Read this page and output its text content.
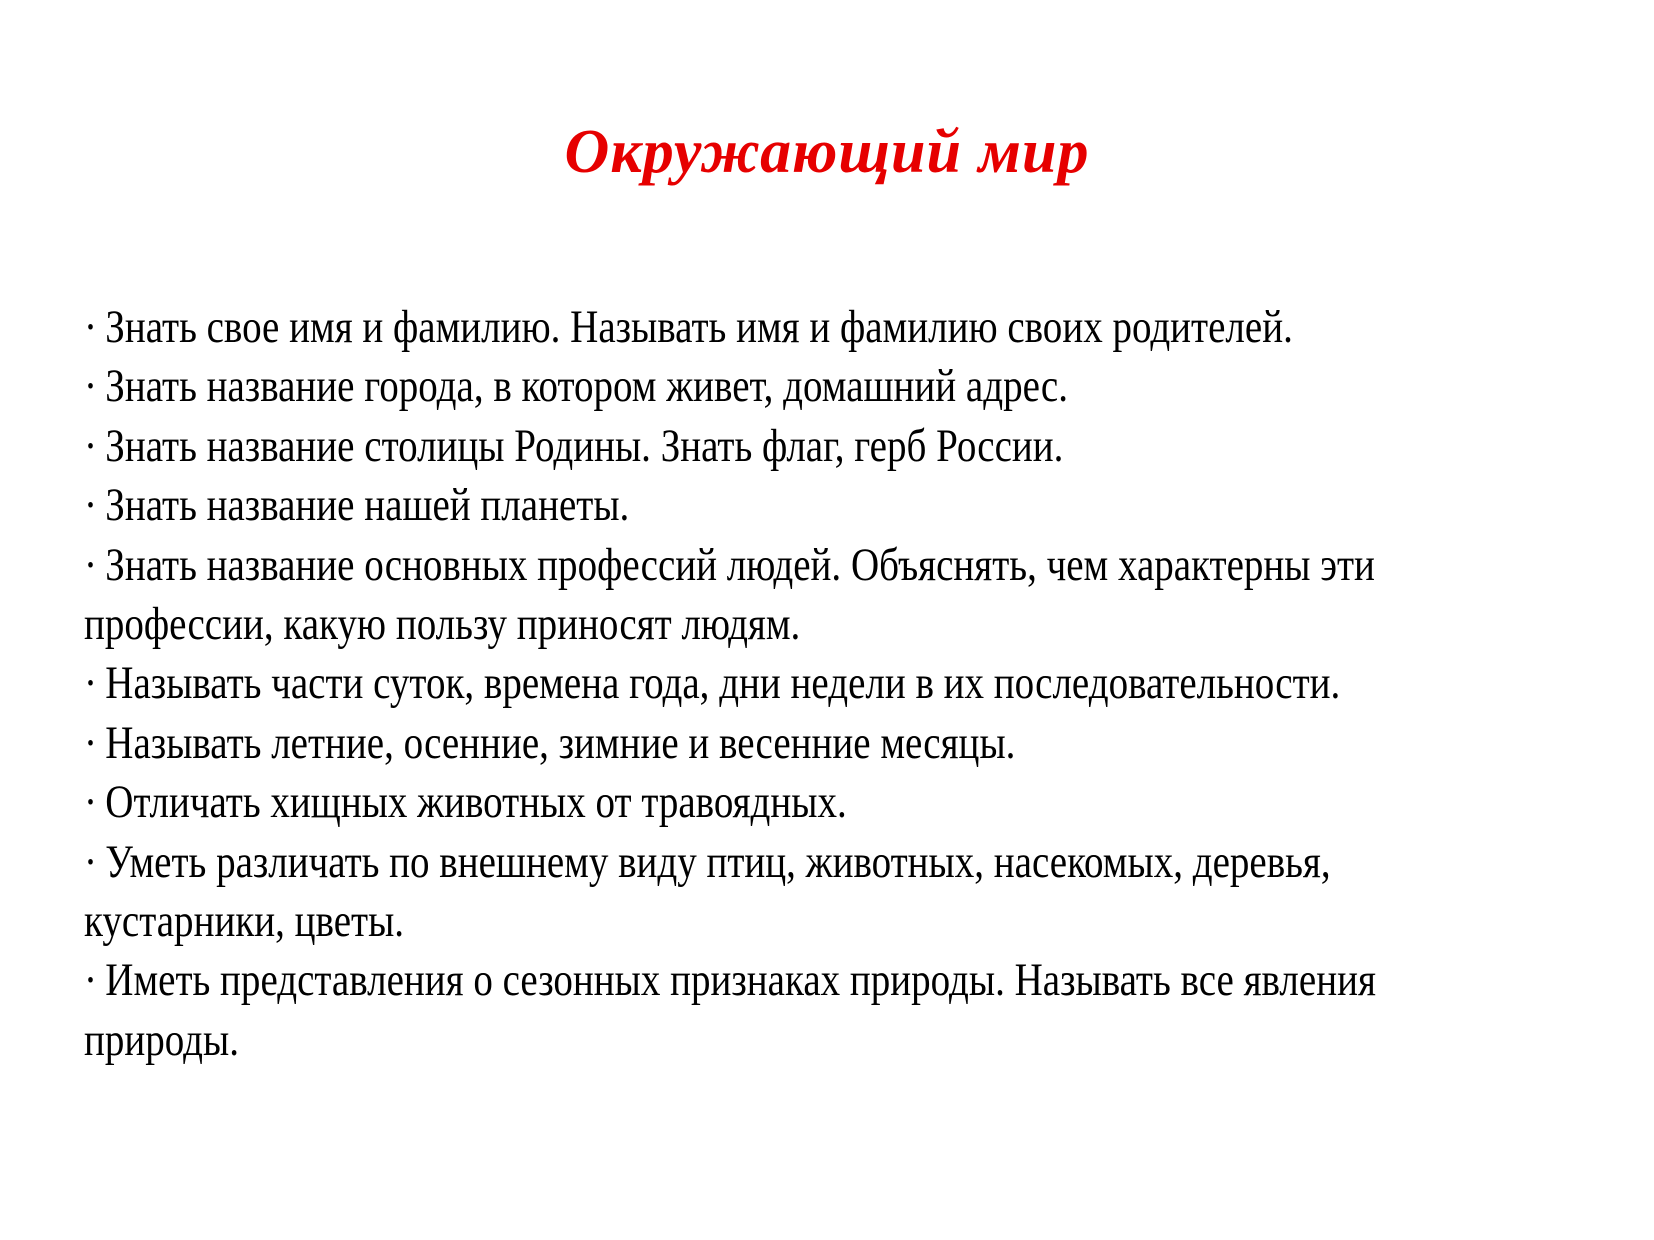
Окружающий мир
· Знать свое имя и фамилию. Называть имя и фамилию своих родителей.
· Знать название города, в котором живет, домашний адрес.
· Знать название столицы Родины. Знать флаг, герб России.
· Знать название нашей планеты.
· Знать название основных профессий людей. Объяснять, чем характерны эти
профессии, какую пользу приносят людям.
· Называть части суток, времена года, дни недели в их последовательности.
· Называть летние, осенние, зимние и весенние месяцы.
· Отличать хищных животных от травоядных.
· Уметь различать по внешнему виду птиц, животных, насекомых, деревья,
кустарники, цветы.
· Иметь представления о сезонных признаках природы. Называть все явления
природы.
